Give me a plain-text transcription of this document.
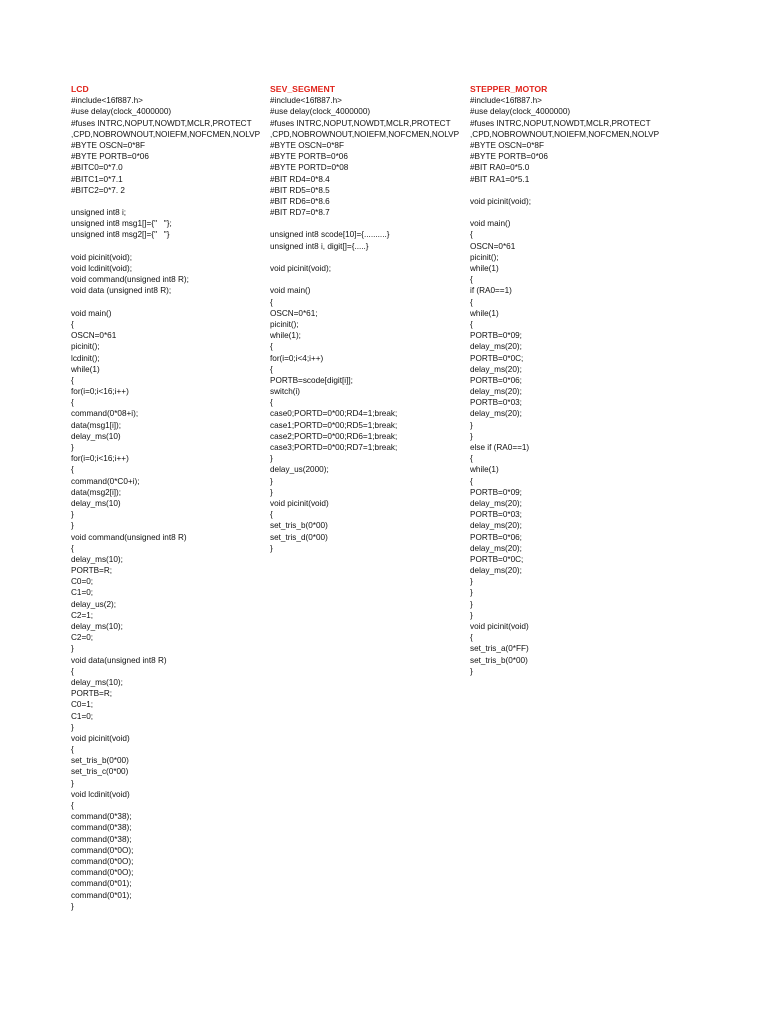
LCD
#include<16f887.h>
#use delay(clock_4000000)
#fuses INTRC,NOPUT,NOWDT,MCLR,PROTECT
,CPD,NOBROWNOUT,NOIEFM,NOFCMEN,NOLVP
#BYTE OSCN=0*8F
#BYTE PORTB=0*06
#BITC0=0*7.0
#BITC1=0*7.1
#BITC2=0*7. 2
unsigned int8 i;
unsigned int8 msg1[]={"   "};
unsigned int8 msg2[]={"   "}
void picinit(void);
void lcdinit(void);
void command(unsigned int8 R);
void data (unsigned int8 R);
void main()
{
OSCN=0*61
picinit();
lcdinit();
while(1)
{
for(i=0;i<16;i++)
{
command(0*08+i);
data(msg1[i]);
delay_ms(10)
}
for(i=0;i<16;i++)
{
command(0*C0+i);
data(msg2[i]);
delay_ms(10)
}
}
void command(unsigned int8 R)
{
delay_ms(10);
PORTB=R;
C0=0;
C1=0;
delay_us(2);
C2=1;
delay_ms(10);
C2=0;
}
void data(unsigned int8 R)
{
delay_ms(10);
PORTB=R;
C0=1;
C1=0;
}
void picinit(void)
{
set_tris_b(0*00)
set_tris_c(0*00)
}
void lcdinit(void)
{
command(0*38);
command(0*38);
command(0*38);
command(0*0O);
command(0*0O);
command(0*0O);
command(0*01);
command(0*01);
}
SEV_SEGMENT
#include<16f887.h>
#use delay(clock_4000000)
#fuses INTRC,NOPUT,NOWDT,MCLR,PROTECT
,CPD,NOBROWNOUT,NOIEFM,NOFCMEN,NOLVP
#BYTE OSCN=0*8F
#BYTE PORTB=0*06
#BYTE PORTD=0*08
#BIT RD4=0*8.4
#BIT RD5=0*8.5
#BIT RD6=0*8.6
#BIT RD7=0*8.7
unsigned int8 scode[10]={..........}
unsigned int8 i, digit[]={.....}
void picinit(void);
void main()
{
OSCN=0*61;
picinit();
while(1);
{
for(i=0;i<4;i++)
{
PORTB=scode[digit[i]];
switch(i)
{
case0;PORTD=0*00;RD4=1;break;
case1;PORTD=0*00;RD5=1;break;
case2;PORTD=0*00;RD6=1;break;
case3;PORTD=0*00;RD7=1;break;
}
delay_us(2000);
}
}
void picinit(void)
{
set_tris_b(0*00)
set_tris_d(0*00)
}
STEPPER_MOTOR
#include<16f887.h>
#use delay(clock_4000000)
#fuses INTRC,NOPUT,NOWDT,MCLR,PROTECT
,CPD,NOBROWNOUT,NOIEFM,NOFCMEN,NOLVP
#BYTE OSCN=0*8F
#BYTE PORTB=0*06
#BIT RA0=0*5.0
#BIT RA1=0*5.1
void picinit(void);
void main()
{
OSCN=0*61
picinit();
while(1)
{
if (RA0==1)
{
while(1)
{
PORTB=0*09;
delay_ms(20);
PORTB=0*0C;
delay_ms(20);
PORTB=0*06;
delay_ms(20);
PORTB=0*03;
delay_ms(20);
}
}
else if (RA0==1)
{
while(1)
{
PORTB=0*09;
delay_ms(20);
PORTB=0*03;
delay_ms(20);
PORTB=0*06;
delay_ms(20);
PORTB=0*0C;
delay_ms(20);
}
}
}
}
void picinit(void)
{
set_tris_a(0*FF)
set_tris_b(0*00)
}
